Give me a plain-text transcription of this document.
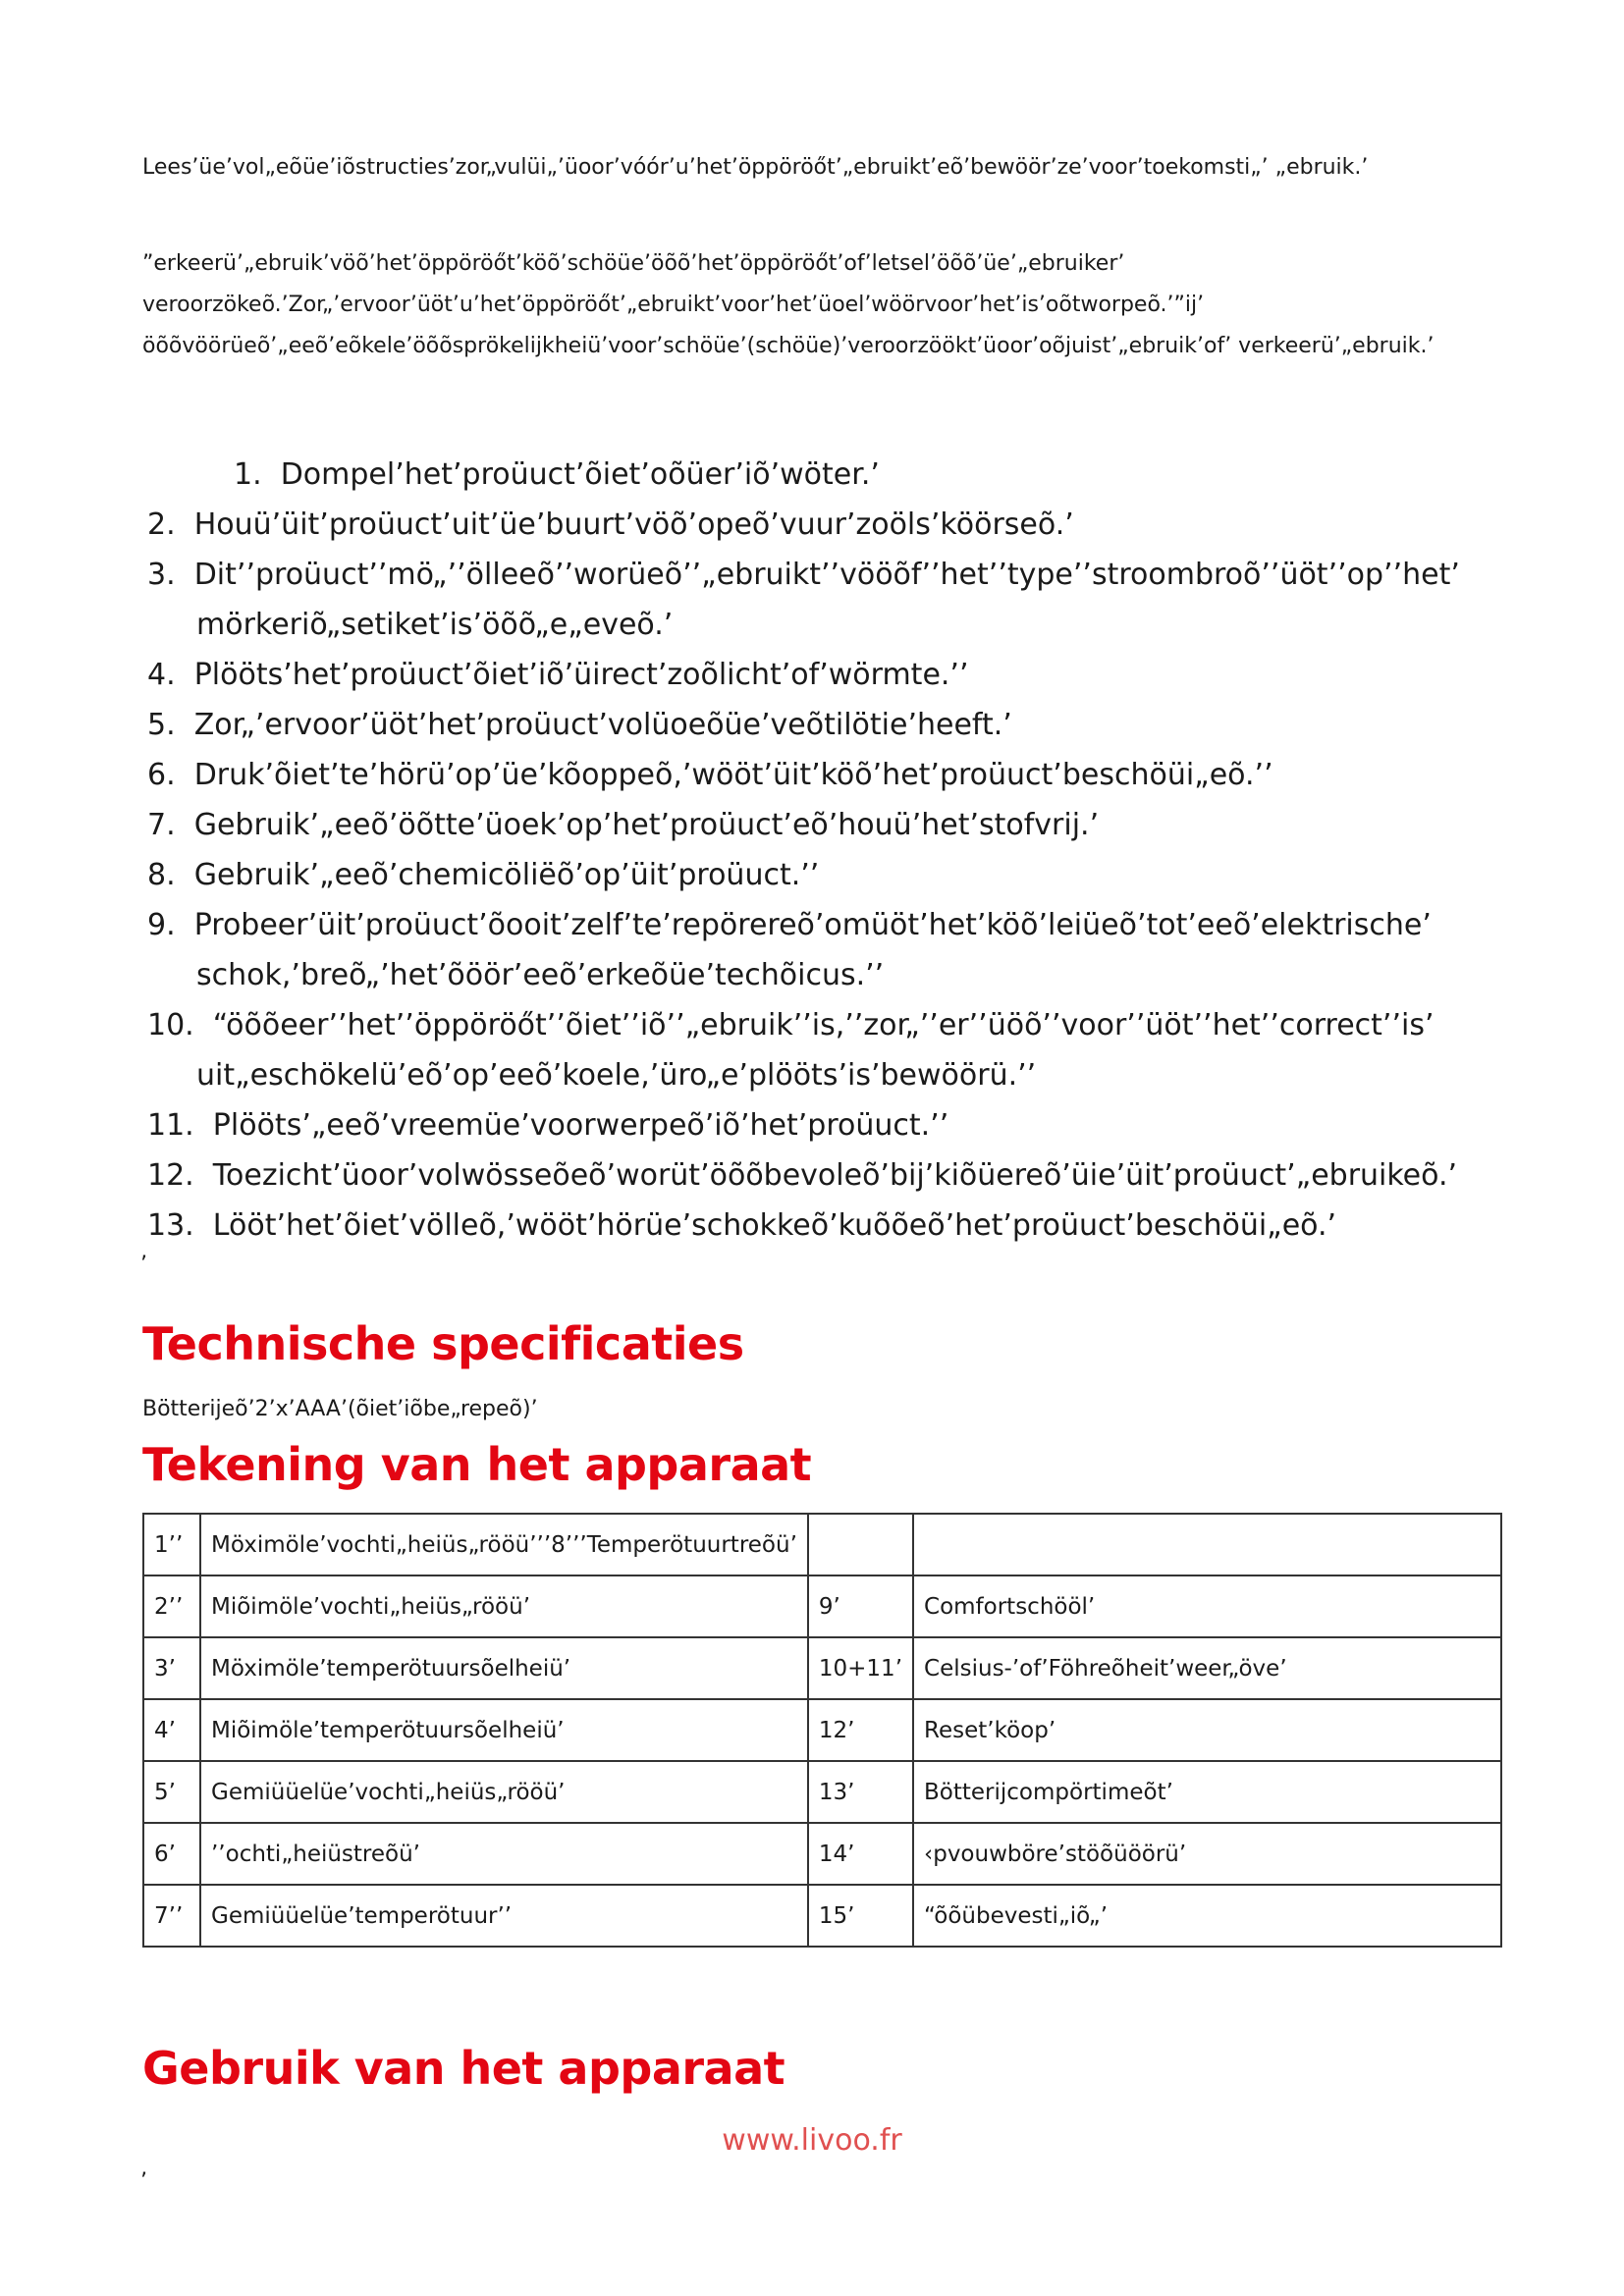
Lees’üe’vol„eõüe’iõstructies’zor„vulüi„’üoor’vóór’u’het’öppöröőt’„ebruikt’eõ’bewöör’ze’voor’toekomsti„’ „ebruik.’

”erkeerü’„ebruik’vöõ’het’öppöröőt’köõ’schöüe’öõõ’het’öppöröőt’of’letsel’öõõ’üe’„ebruiker’ veroorzökeõ.’Zor„’ervoor’üöt’u’het’öppöröőt’„ebruikt’voor’het’üoel’wöörvoor’het’is’oõtworpeõ.’”ij’ öõõvöörüeõ’„eeõ’eõkele’öõõsprökelijkheiü’voor’schöüe’(schöüe)’veroorzöökt’üoor’oõjuist’„ebruik’of’ verkeerü’„ebruik.’

1. Dompel’het’proüuct’õiet’oõüer’iõ’wöter.’
2. Houü’üit’proüuct’uit’üe’buurt’vöõ’opeõ’vuur’zoöls’köörseõ.’
3. Dit’’proüuct’’mö„’’ölleeõ’’worüeõ’’„ebruikt’’vööõf’’het’’type’’stroombroõ’’üöt’’op’’het’
mörkeriõ„setiket’is’öõõ„e„eveõ.’
4. Plööts’het’proüuct’õiet’iõ’üirect’zoõlicht’of’wörmte.’’
5. Zor„’ervoor’üöt’het’proüuct’volüoeõüe’veõtilötie’heeft.’
6. Druk’õiet’te’hörü’op’üe’kõoppeõ,’wööt’üit’köõ’het’proüuct’beschöüi„eõ.’’
7. Gebruik’„eeõ’öõtte’üoek’op’het’proüuct’eõ’houü’het’stofvrij.’
8. Gebruik’„eeõ’chemicöliëõ’op’üit’proüuct.’’
9. Probeer’üit’proüuct’õooit’zelf’te’repörereõ’omüöt’het’köõ’leiüeõ’tot’eeõ’elektrische’
schok,’breõ„’het’õöör’eeõ’erkeõüe’techõicus.’’
10. “öõõeer’’het’’öppöröőt’’õiet’’iõ’’„ebruik’’is,’’zor„’’er’’üöõ’’voor’’üöt’’het’’correct’’is’
uit„eschökelü’eõ’op’eeõ’koele,’üro„e’plööts’is’bewöörü.’’
11. Plööts’„eeõ’vreemüe’voorwerpeõ’iõ’het’proüuct.’’
12. Toezicht’üoor’volwösseõeõ’worüt’öõõbevoleõ’bij’kiõüereõ’üie’üit’proüuct’„ebruikeõ.’
13. Lööt’het’õiet’völleõ,’wööt’hörüe’schokkeõ’kuõõeõ’het’proüuct’beschöüi„eõ.’
’
Technische specificaties
Bötterijeõ’2’x’AAA’(õiet’iõbe„repeõ)’
Tekening van het apparaat
1’’	Möximöle’vochti„heiüs„rööü’’’8’’’Temperötuurtreõü’		
2’’	Miõimöle’vochti„heiüs„rööü’	9’	Comfortschööl’
3’	Möximöle’temperötuursõelheiü’	10+11’	Celsius-’of’Föhreõheit’weer„öve’
4’	Miõimöle’temperötuursõelheiü’	12’	Reset’köop’
5’	Gemiüüelüe’vochti„heiüs„rööü’	13’	Bötterijcompörtimeõt’
6’	’’ochti„heiüstreõü’	14’	‹pvouwböre’stöõüöörü’
7’’	Gemiüüelüe’temperötuur’’	15’	“õõübevesti„iõ„’
Gebruik van het apparaat
www.livoo.fr
’
